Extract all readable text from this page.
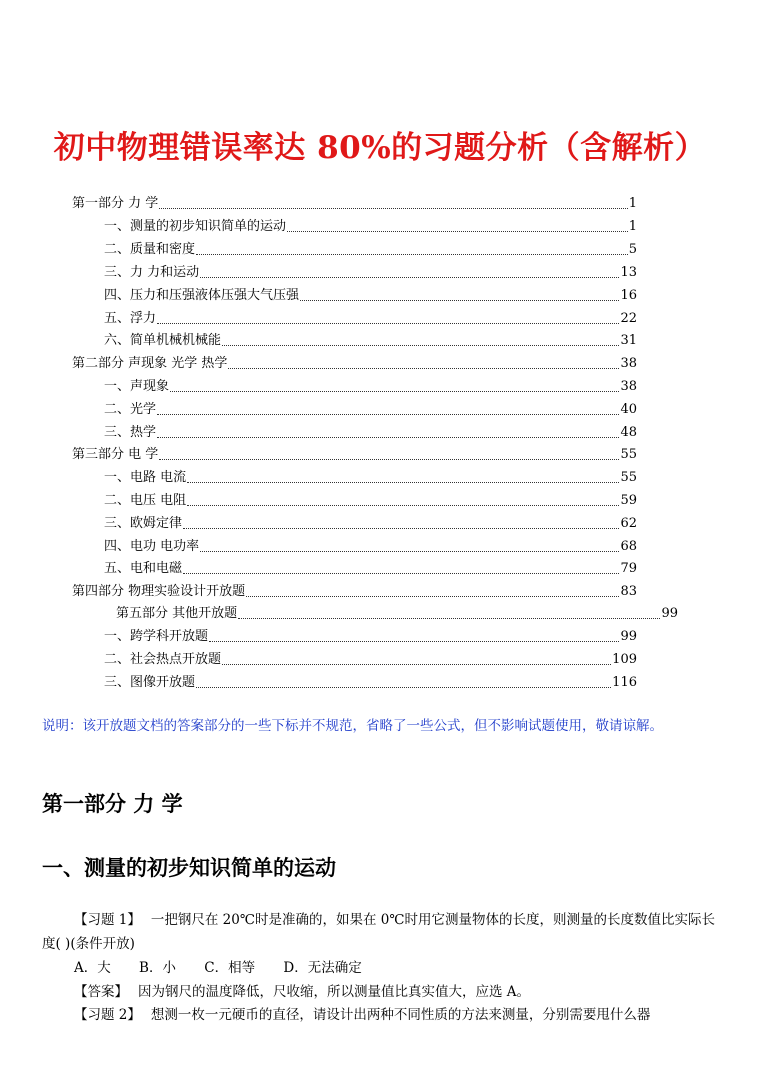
初中物理错误率达 80%的习题分析（含解析）
第一部分 力 学	1
一、测量的初步知识简单的运动	1
二、质量和密度	5
三、力 力和运动	13
四、压力和压强液体压强大气压强	16
五、浮力	22
六、简单机械机械能	31
第二部分 声现象 光学 热学	38
一、声现象	38
二、光学	40
三、热学	48
第三部分 电 学	55
一、电路 电流	55
二、电压 电阻	59
三、欧姆定律	62
四、电功 电功率	68
五、电和电磁	79
第四部分 物理实验设计开放题	83
第五部分 其他开放题	99
一、跨学科开放题	99
二、社会热点开放题	109
三、图像开放题	116
说明：该开放题文档的答案部分的一些下标并不规范，省略了一些公式，但不影响试题使用，敬请谅解。
第一部分 力 学
一、测量的初步知识简单的运动
【习题 1】 一把钢尺在 20℃时是准确的，如果在 0℃时用它测量物体的长度，则测量的长度数值比实际长度( )(条件开放)
A．大 B．小 C．相等 D．无法确定
【答案】 因为钢尺的温度降低，尺收缩，所以测量值比真实值大，应选 A。
【习题 2】 想测一枚一元硬币的直径，请设计出两种不同性质的方法来测量，分别需要甩什么器
